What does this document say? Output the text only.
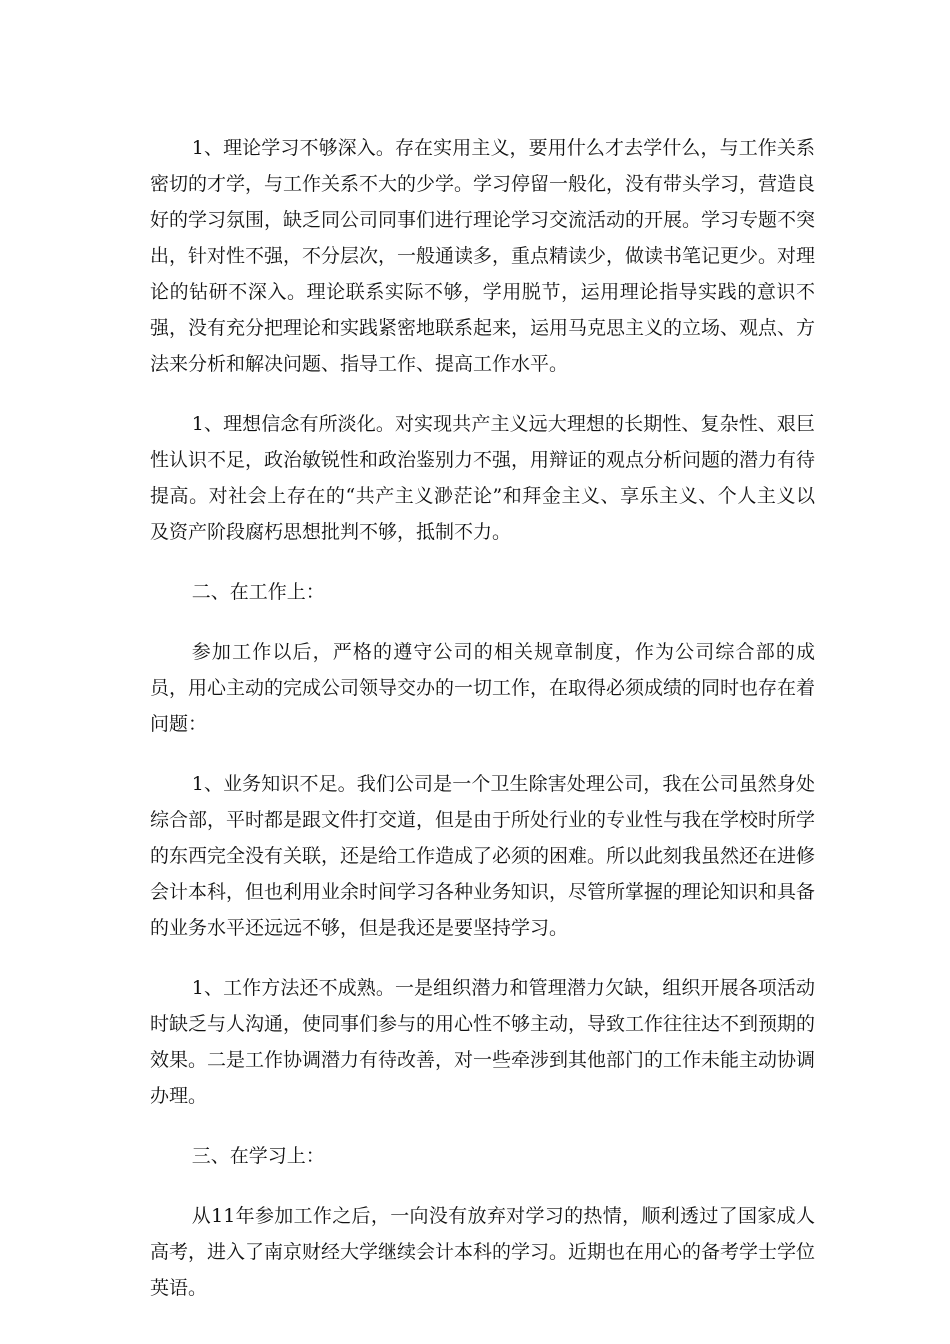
1、理论学习不够深入。存在实用主义，要用什么才去学什么，与工作关系密切的才学，与工作关系不大的少学。学习停留一般化，没有带头学习，营造良好的学习氛围，缺乏同公司同事们进行理论学习交流活动的开展。学习专题不突出，针对性不强，不分层次，一般通读多，重点精读少，做读书笔记更少。对理论的钻研不深入。理论联系实际不够，学用脱节，运用理论指导实践的意识不强，没有充分把理论和实践紧密地联系起来，运用马克思主义的立场、观点、方法来分析和解决问题、指导工作、提高工作水平。

1、理想信念有所淡化。对实现共产主义远大理想的长期性、复杂性、艰巨性认识不足，政治敏锐性和政治鉴别力不强，用辩证的观点分析问题的潜力有待提高。对社会上存在的“共产主义渺茫论”和拜金主义、享乐主义、个人主义以及资产阶段腐朽思想批判不够，抵制不力。

二、在工作上：

参加工作以后，严格的遵守公司的相关规章制度，作为公司综合部的成员，用心主动的完成公司领导交办的一切工作，在取得必须成绩的同时也存在着问题：

1、业务知识不足。我们公司是一个卫生除害处理公司，我在公司虽然身处综合部，平时都是跟文件打交道，但是由于所处行业的专业性与我在学校时所学的东西完全没有关联，还是给工作造成了必须的困难。所以此刻我虽然还在进修会计本科，但也利用业余时间学习各种业务知识，尽管所掌握的理论知识和具备的业务水平还远远不够，但是我还是要坚持学习。

1、工作方法还不成熟。一是组织潜力和管理潜力欠缺，组织开展各项活动时缺乏与人沟通，使同事们参与的用心性不够主动，导致工作往往达不到预期的效果。二是工作协调潜力有待改善，对一些牵涉到其他部门的工作未能主动协调办理。

三、在学习上：

从11年参加工作之后，一向没有放弃对学习的热情，顺利透过了国家成人高考，进入了南京财经大学继续会计本科的学习。近期也在用心的备考学士学位英语。
